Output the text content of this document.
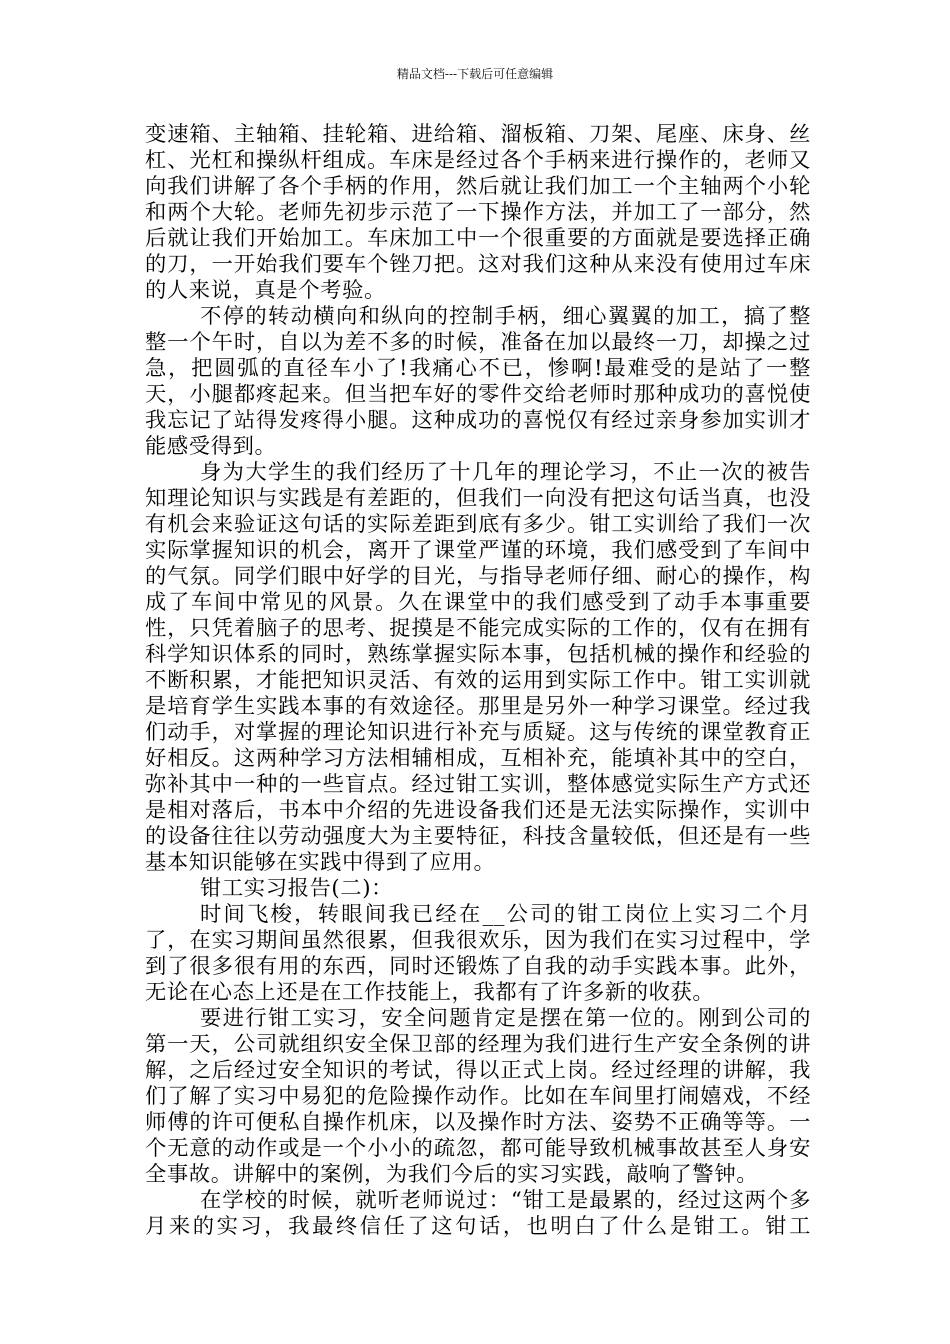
精品文档---下载后可任意编辑

变速箱、主轴箱、挂轮箱、进给箱、溜板箱、刀架、尾座、床身、丝杠、光杠和操纵杆组成。车床是经过各个手柄来进行操作的，老师又向我们讲解了各个手柄的作用，然后就让我们加工一个主轴两个小轮和两个大轮。老师先初步示范了一下操作方法，并加工了一部分，然后就让我们开始加工。车床加工中一个很重要的方面就是要选择正确的刀，一开始我们要车个锉刀把。这对我们这种从来没有使用过车床的人来说，真是个考验。

不停的转动横向和纵向的控制手柄，细心翼翼的加工，搞了整整一个午时，自以为差不多的时候，准备在加以最终一刀，却操之过急，把圆弧的直径车小了!我痛心不已，惨啊!最难受的是站了一整天，小腿都疼起来。但当把车好的零件交给老师时那种成功的喜悦使我忘记了站得发疼得小腿。这种成功的喜悦仅有经过亲身参加实训才能感受得到。

身为大学生的我们经历了十几年的理论学习，不止一次的被告知理论知识与实践是有差距的，但我们一向没有把这句话当真，也没有机会来验证这句话的实际差距到底有多少。钳工实训给了我们一次实际掌握知识的机会，离开了课堂严谨的环境，我们感受到了车间中的气氛。同学们眼中好学的目光，与指导老师仔细、耐心的操作，构成了车间中常见的风景。久在课堂中的我们感受到了动手本事重要性，只凭着脑子的思考、捉摸是不能完成实际的工作的，仅有在拥有科学知识体系的同时，熟练掌握实际本事，包括机械的操作和经验的不断积累，才能把知识灵活、有效的运用到实际工作中。钳工实训就是培育学生实践本事的有效途径。那里是另外一种学习课堂。经过我们动手，对掌握的理论知识进行补充与质疑。这与传统的课堂教育正好相反。这两种学习方法相辅相成，互相补充，能填补其中的空白，弥补其中一种的一些盲点。经过钳工实训，整体感觉实际生产方式还是相对落后，书本中介绍的先进设备我们还是无法实际操作，实训中的设备往往以劳动强度大为主要特征，科技含量较低，但还是有一些基本知识能够在实践中得到了应用。

钳工实习报告(二)：

时间飞梭，转眼间我已经在__公司的钳工岗位上实习二个月了，在实习期间虽然很累，但我很欢乐，因为我们在实习过程中，学到了很多很有用的东西，同时还锻炼了自我的动手实践本事。此外，无论在心态上还是在工作技能上，我都有了许多新的收获。

要进行钳工实习，安全问题肯定是摆在第一位的。刚到公司的第一天，公司就组织安全保卫部的经理为我们进行生产安全条例的讲解，之后经过安全知识的考试，得以正式上岗。经过经理的讲解，我们了解了实习中易犯的危险操作动作。比如在车间里打闹嬉戏，不经师傅的许可便私自操作机床，以及操作时方法、姿势不正确等等。一个无意的动作或是一个小小的疏忽，都可能导致机械事故甚至人身安全事故。讲解中的案例，为我们今后的实习实践，敲响了警钟。

在学校的时候，就听老师说过：“钳工是最累的，经过这两个多月来的实习，我最终信任了这句话，也明白了什么是钳工。钳工
